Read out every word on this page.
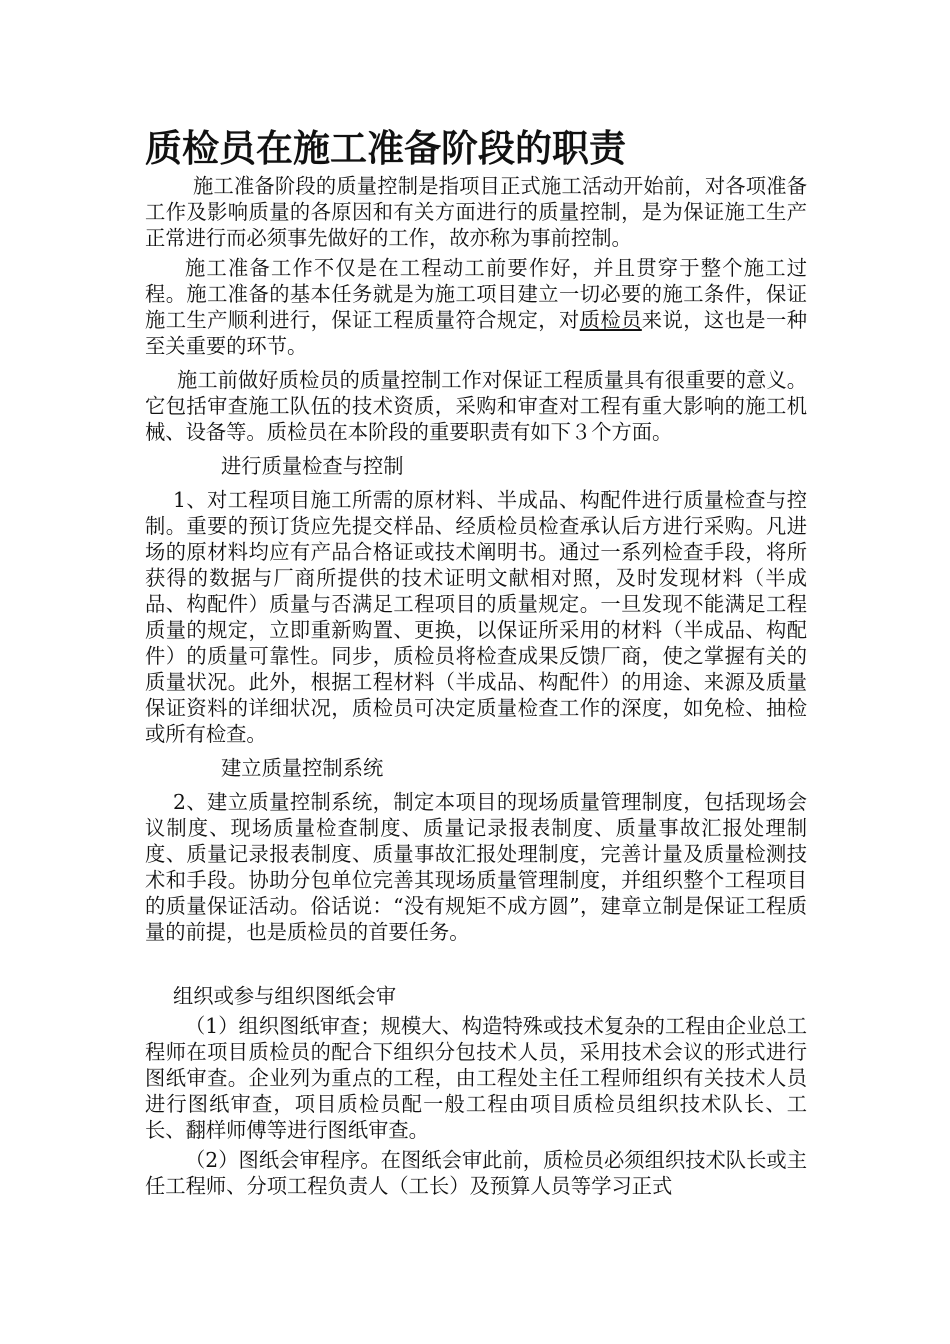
质检员在施工准备阶段的职责

施工准备阶段的质量控制是指项目正式施工活动开始前，对各项准备工作及影响质量的各原因和有关方面进行的质量控制，是为保证施工生产正常进行而必须事先做好的工作，故亦称为事前控制。

施工准备工作不仅是在工程动工前要作好，并且贯穿于整个施工过程。施工准备的基本任务就是为施工项目建立一切必要的施工条件，保证施工生产顺利进行，保证工程质量符合规定，对质检员来说，这也是一种至关重要的环节。

施工前做好质检员的质量控制工作对保证工程质量具有很重要的意义。它包括审查施工队伍的技术资质，采购和审查对工程有重大影响的施工机械、设备等。质检员在本阶段的重要职责有如下３个方面。

进行质量检查与控制

1、对工程项目施工所需的原材料、半成品、构配件进行质量检查与控制。重要的预订货应先提交样品、经质检员检查承认后方进行采购。凡进场的原材料均应有产品合格证或技术阐明书。通过一系列检查手段，将所获得的数据与厂商所提供的技术证明文献相对照，及时发现材料（半成品、构配件）质量与否满足工程项目的质量规定。一旦发现不能满足工程质量的规定，立即重新购置、更换，以保证所采用的材料（半成品、构配件）的质量可靠性。同步，质检员将检查成果反馈厂商，使之掌握有关的质量状况。此外，根据工程材料（半成品、构配件）的用途、来源及质量保证资料的详细状况，质检员可决定质量检查工作的深度，如免检、抽检或所有检查。

建立质量控制系统

2、建立质量控制系统，制定本项目的现场质量管理制度，包括现场会议制度、现场质量检查制度、质量记录报表制度、质量事故汇报处理制度、质量记录报表制度、质量事故汇报处理制度，完善计量及质量检测技术和手段。协助分包单位完善其现场质量管理制度，并组织整个工程项目的质量保证活动。俗话说：“没有规矩不成方圆”，建章立制是保证工程质量的前提，也是质检员的首要任务。

组织或参与组织图纸会审

（1）组织图纸审查；规模大、构造特殊或技术复杂的工程由企业总工程师在项目质检员的配合下组织分包技术人员，采用技术会议的形式进行图纸审查。企业列为重点的工程，由工程处主任工程师组织有关技术人员进行图纸审查，项目质检员配一般工程由项目质检员组织技术队长、工长、翻样师傅等进行图纸审查。

（2）图纸会审程序。在图纸会审此前，质检员必须组织技术队长或主任工程师、分项工程负责人（工长）及预算人员等学习正式
